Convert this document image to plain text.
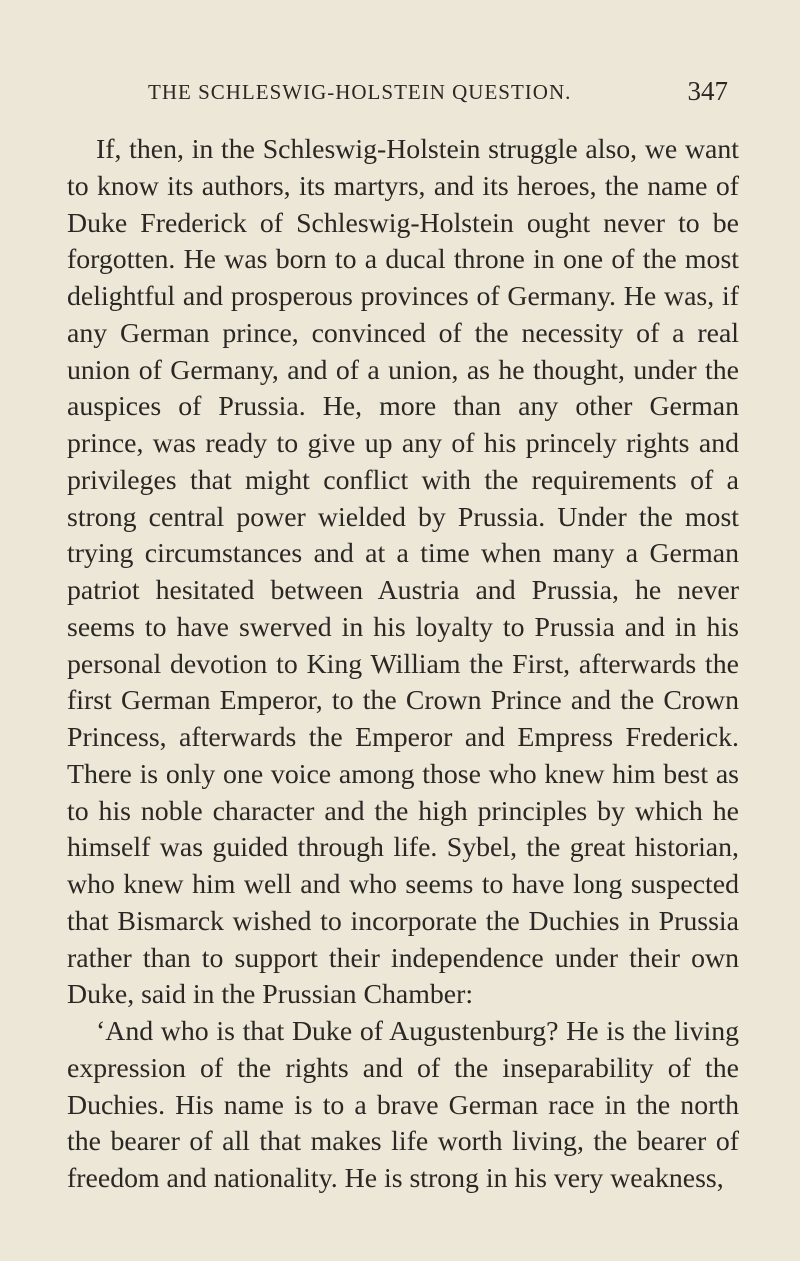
THE SCHLESWIG-HOLSTEIN QUESTION.	347

If, then, in the Schleswig-Holstein struggle also, we want to know its authors, its martyrs, and its heroes, the name of Duke Frederick of Schleswig-Holstein ought never to be forgotten. He was born to a ducal throne in one of the most delightful and prosperous provinces of Germany. He was, if any German prince, convinced of the necessity of a real union of Germany, and of a union, as he thought, under the auspices of Prussia. He, more than any other German prince, was ready to give up any of his princely rights and privileges that might conflict with the requirements of a strong central power wielded by Prussia. Under the most trying circumstances and at a time when many a German patriot hesitated between Austria and Prussia, he never seems to have swerved in his loyalty to Prussia and in his personal devotion to King William the First, afterwards the first German Emperor, to the Crown Prince and the Crown Princess, afterwards the Emperor and Empress Frederick. There is only one voice among those who knew him best as to his noble character and the high principles by which he himself was guided through life. Sybel, the great historian, who knew him well and who seems to have long suspected that Bismarck wished to incorporate the Duchies in Prussia rather than to support their independence under their own Duke, said in the Prussian Chamber:

‘And who is that Duke of Augustenburg? He is the living expression of the rights and of the inseparability of the Duchies. His name is to a brave German race in the north the bearer of all that makes life worth living, the bearer of freedom and nationality. He is strong in his very weakness,
